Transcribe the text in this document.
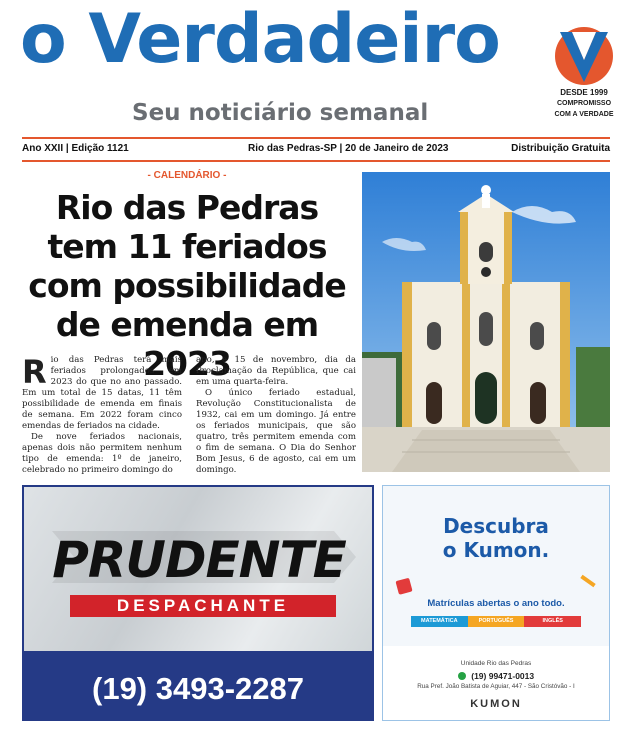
o Verdadeiro
Seu noticiário semanal
DESDE 1999
COMPROMISSO
COM A VERDADE
Ano XXII | Edição 1121	Rio das Pedras-SP | 20 de Janeiro de 2023	Distribuição Gratuita
- CALENDÁRIO -
Rio das Pedras tem 11 feriados com possibilidade de emenda em 2023
R io das Pedras terá mais feriados prolongados em 2023 do que no ano passado. Em um total de 15 datas, 11 têm possibilidade de emenda em finais de semana. Em 2022 foram cinco emendas de feriados na cidade.

De nove feriados nacionais, apenas dois não permitem nenhum tipo de emenda: 1º de janeiro, celebrado no primeiro domingo do

ano, e 15 de novembro, dia da Proclamação da República, que cai em uma quarta-feira.

O único feriado estadual, Revolução Constitucionalista de 1932, cai em um domingo. Já entre os feriados municipais, que são quatro, três permitem emenda com o fim de semana. O Dia do Senhor Bom Jesus, 6 de agosto, cai em um domingo.

PRUDENTE
DESPACHANTE
(19) 3493-2287
Descubra
o Kumon.
Matrículas abertas o ano todo.
MATEMÁTICA	PORTUGUÊS	INGLÊS
Unidade Rio das Pedras
(19) 99471-0013
Rua Pref. João Batista de Aguiar, 447 - São Cristóvão - I
KUMON
